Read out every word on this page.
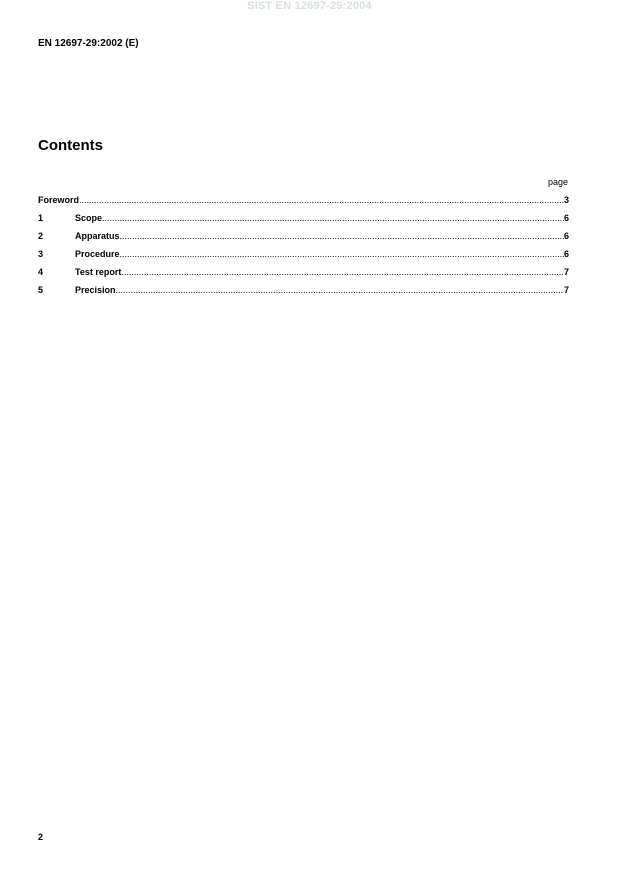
SIST EN 12697-29:2004
EN 12697-29:2002 (E)
Contents
page
Foreword .....	3
1	Scope .....	6
2	Apparatus .....	6
3	Procedure .....	6
4	Test report .....	7
5	Precision .....	7
2
